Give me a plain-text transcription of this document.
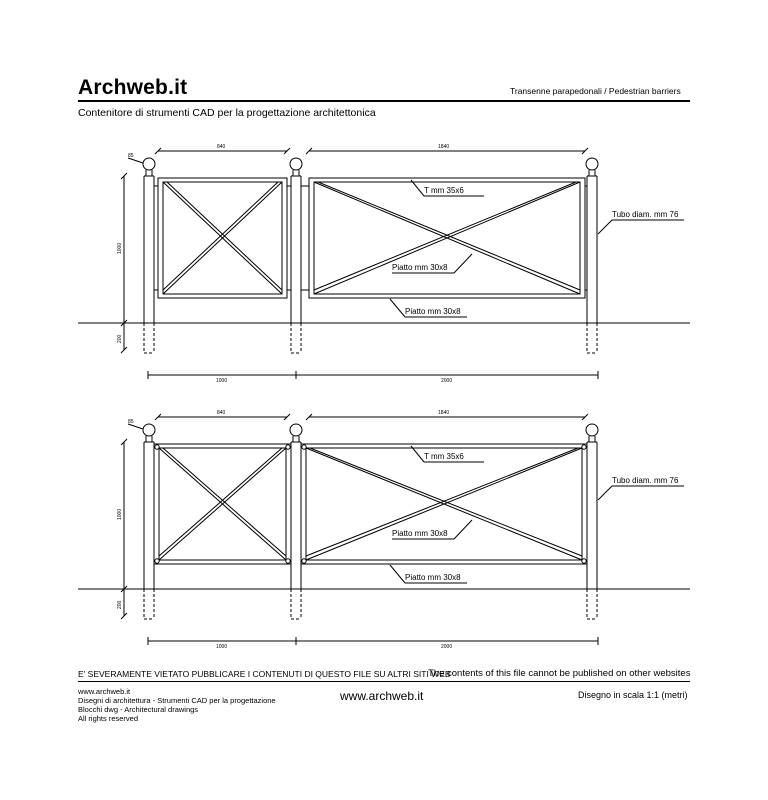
Archweb.it	Transenne parapedonali / Pedestrian barriers
Contenitore di strumenti CAD per la progettazione architettonica
840	1840
85
1000
200
T mm 35x6
Piatto mm 30x8
Piatto mm 30x8
Tubo diam. mm 76
1000	2000
840	1840
85
1000
200
T mm 35x6
Piatto mm 30x8
Piatto mm 30x8
Tubo diam. mm 76
1000	2000
E' SEVERAMENTE VIETATO PUBBLICARE I CONTENUTI DI QUESTO FILE SU ALTRI SITI WEB
The contents of this file cannot be published on other websites
www.archweb.it
Disegni di architettura - Strumenti CAD per la progettazione
Blocchi dwg - Architectural drawings
All rights reserved
www.archweb.it	Disegno in scala 1:1 (metri)
